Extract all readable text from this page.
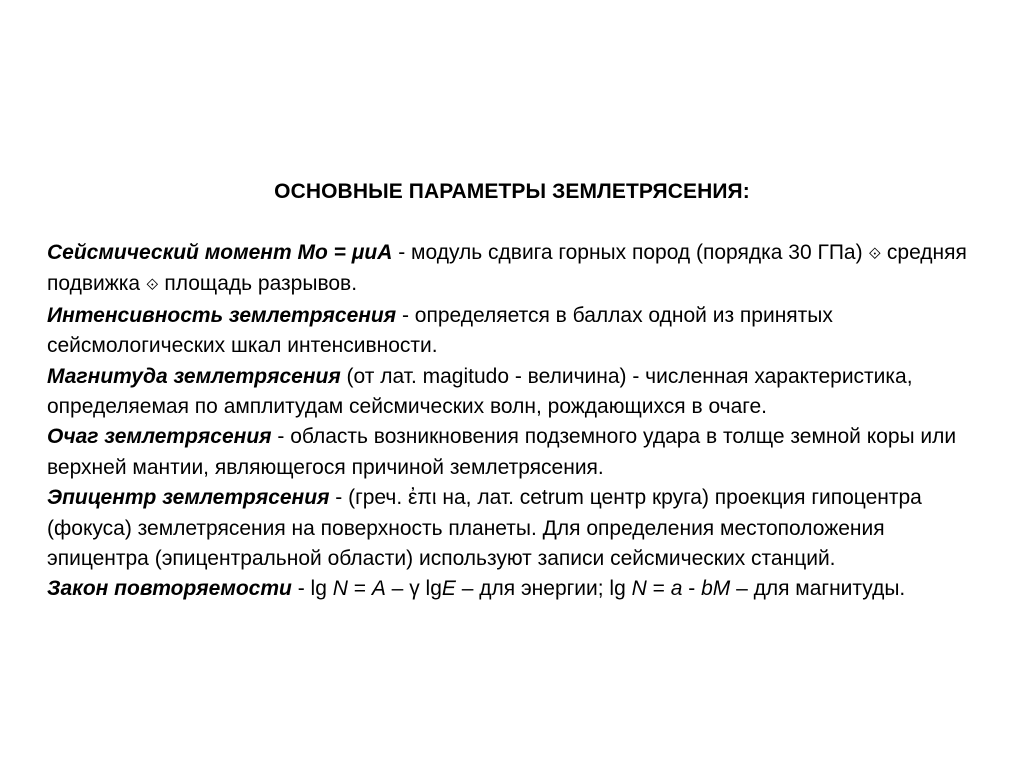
ОСНОВНЫЕ ПАРАМЕТРЫ ЗЕМЛЕТРЯСЕНИЯ:

Сейсмический момент Mо = μиA - модуль сдвига горных пород (порядка 30 ГПа) ⟐ средняя подвижка ⟐ площадь разрывов.

Интенсивность землетрясения - определяется в баллах одной из принятых сейсмологических шкал интенсивности.

Магнитуда землетрясения (от лат. magitudo - величина) - численная характеристика, определяемая по амплитудам сейсмических волн, рождающихся в очаге.

Очаг землетрясения - область возникновения подземного удара в толще земной коры или верхней мантии, являющегося причиной землетрясения.

Эпицентр землетрясения - (греч. ἐπι на, лат. cetrum центр круга) проекция гипоцентра (фокуса) землетрясения на поверхность планеты. Для определения местоположения эпицентра (эпицентральной области) используют записи сейсмических станций.

Закон повторяемости - lg N = A – γ lgE – для энергии; lg N = a - bM – для магнитуды.
